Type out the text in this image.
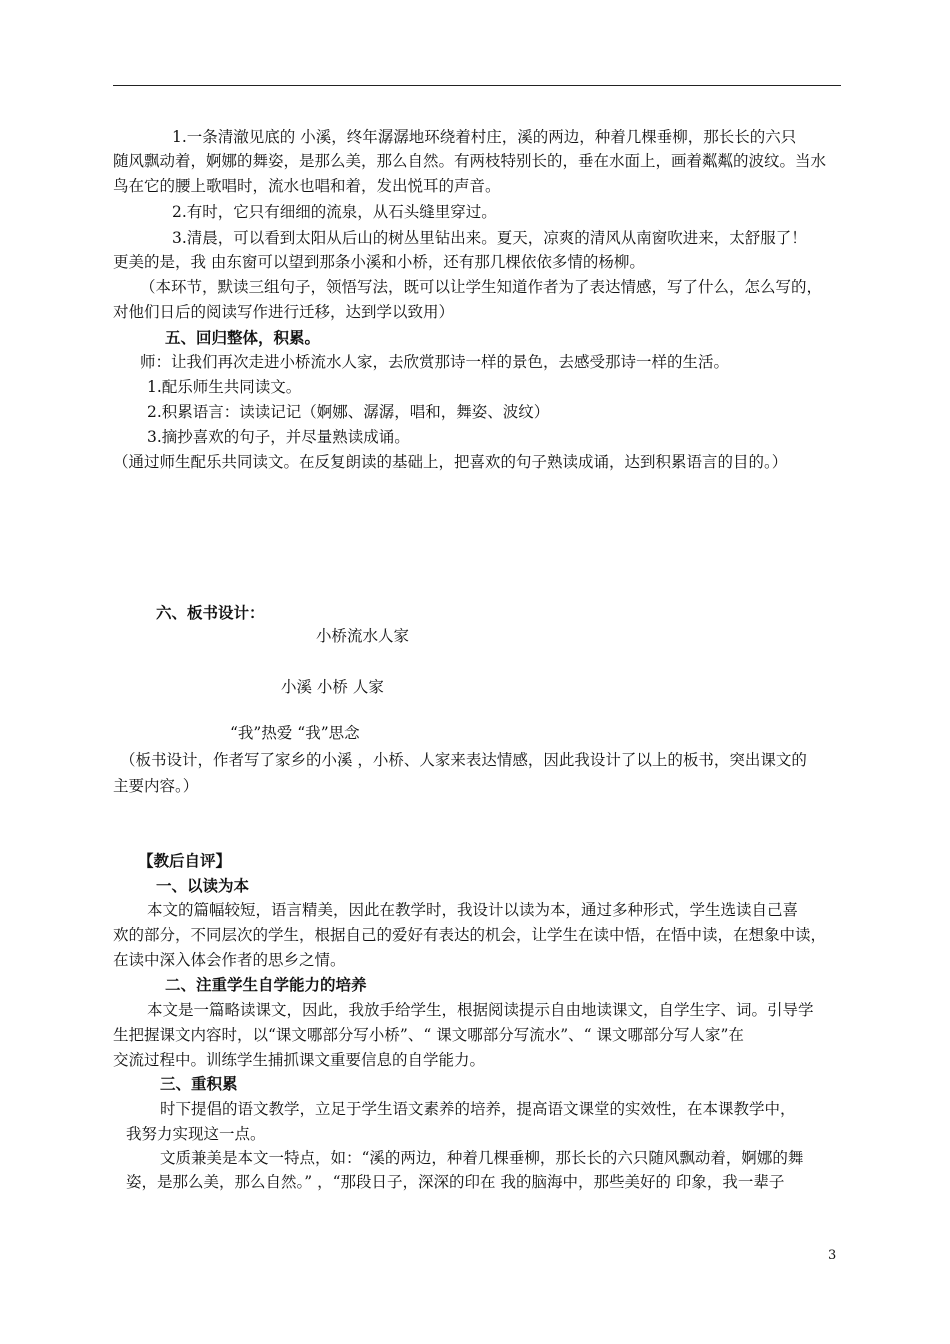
1.一条清澈见底的 小溪，终年潺潺地环绕着村庄，溪的两边，种着几棵垂柳，那长长的六只
随风飘动着，婀娜的舞姿，是那么美，那么自然。有两枝特别长的，垂在水面上，画着粼粼的波纹。当水
鸟在它的腰上歌唱时，流水也唱和着，发出悦耳的声音。
2.有时，它只有细细的流泉，从石头缝里穿过。
3.清晨，可以看到太阳从后山的树丛里钻出来。夏天，凉爽的清风从南窗吹进来，太舒服了！
更美的是，我 由东窗可以望到那条小溪和小桥，还有那几棵依依多情的杨柳。
（本环节，默读三组句子，领悟写法，既可以让学生知道作者为了表达情感，写了什么，怎么写的，
对他们日后的阅读写作进行迁移，达到学以致用）
五、回归整体，积累。
师：让我们再次走进小桥流水人家，去欣赏那诗一样的景色，去感受那诗一样的生活。
1.配乐师生共同读文。
2.积累语言：读读记记（婀娜、潺潺，唱和，舞姿、波纹）
3.摘抄喜欢的句子，并尽量熟读成诵。
（通过师生配乐共同读文。在反复朗读的基础上，把喜欢的句子熟读成诵，达到积累语言的目的。）
六、板书设计：
小桥流水人家
小溪 小桥 人家
“我”热爱 “我”思念
（板书设计，作者写了家乡的小溪 ，小桥、人家来表达情感，因此我设计了以上的板书，突出课文的
主要内容。）
【教后自评】
一、以读为本
本文的篇幅较短，语言精美，因此在教学时，我设计以读为本，通过多种形式，学生选读自己喜
欢的部分，不同层次的学生，根据自己的爱好有表达的机会，让学生在读中悟，在悟中读，在想象中读，
在读中深入体会作者的思乡之情。
二、注重学生自学能力的培养
本文是一篇略读课文，因此，我放手给学生，根据阅读提示自由地读课文，自学生字、词。引导学
生把握课文内容时，以“课文哪部分写小桥”、“ 课文哪部分写流水”、“ 课文哪部分写人家”在
交流过程中。训练学生捕抓课文重要信息的自学能力。
三、重积累
时下提倡的语文教学，立足于学生语文素养的培养，提高语文课堂的实效性，在本课教学中，
我努力实现这一点。
文质兼美是本文一特点，如：“溪的两边，种着几棵垂柳，那长长的六只随风飘动着，婀娜的舞
姿，是那么美，那么自然。” ，“那段日子，深深的印在 我的脑海中，那些美好的 印象，我一辈子
3
